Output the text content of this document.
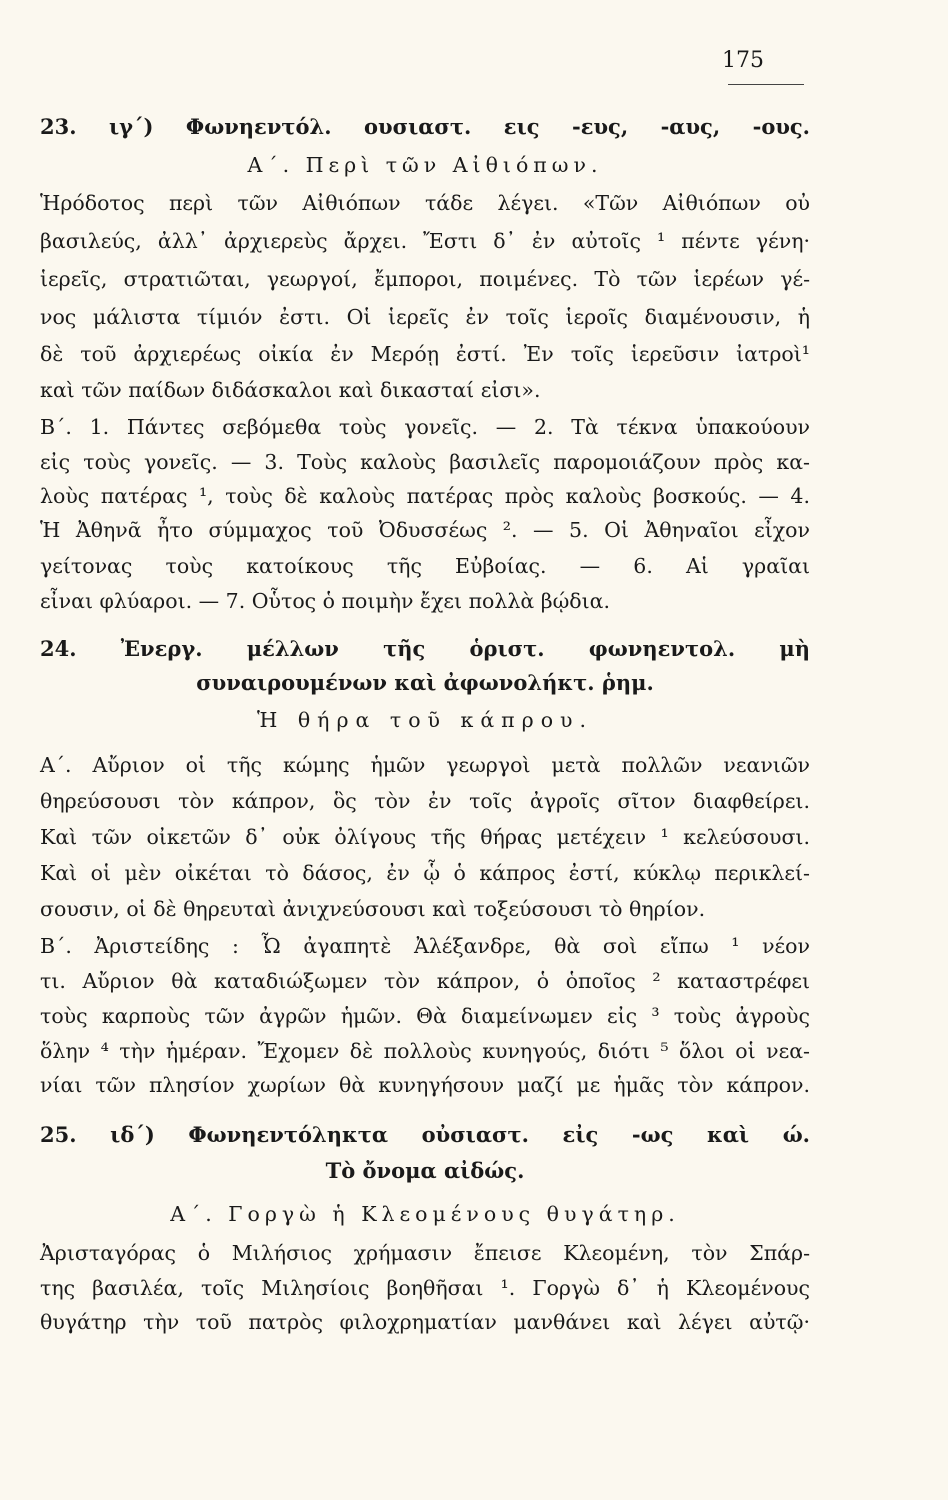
175
23. ιγ΄) Φωνηεντόλ. ουσιαστ. εις -ευς, -αυς, -ους.
Α΄. Περὶ τῶν Αἰθιόπων.
Ἡρόδοτος περὶ τῶν Αἰθιόπων τάδε λέγει. «Τῶν Αἰθιόπων οὐ
βασιλεύς, ἀλλ᾽ ἀρχιερεὺς ἄρχει. Ἔστι δ᾽ ἐν αὐτοῖς ¹ πέντε γένη·
ἱερεῖς, στρατιῶται, γεωργοί, ἔμποροι, ποιμένες. Τὸ τῶν ἱερέων γέ-
νος μάλιστα τίμιόν ἐστι. Οἱ ἱερεῖς ἐν τοῖς ἱεροῖς διαμένουσιν, ἡ
δὲ τοῦ ἀρχιερέως οἰκία ἐν Μερόῃ ἐστί. Ἐν τοῖς ἱερεῦσιν ἰατροὶ¹
καὶ τῶν παίδων διδάσκαλοι καὶ δικασταί εἰσι».
Β΄. 1. Πάντες σεβόμεθα τοὺς γονεῖς. — 2. Τὰ τέκνα ὑπακούουν
εἰς τοὺς γονεῖς. — 3. Τοὺς καλοὺς βασιλεῖς παρομοιάζουν πρὸς κα-
λοὺς πατέρας ¹, τοὺς δὲ καλοὺς πατέρας πρὸς καλοὺς βοσκούς. — 4.
Ἡ Ἀθηνᾶ ἦτο σύμμαχος τοῦ Ὀδυσσέως ². — 5. Οἱ Ἀθηναῖοι εἶχον
γείτονας τοὺς κατοίκους τῆς Εὐβοίας. — 6. Αἱ γραῖαι
εἶναι φλύαροι. — 7. Οὗτος ὁ ποιμὴν ἔχει πολλὰ βῴδια.
24. Ἐνεργ. μέλλων τῆς ὁριστ. φωνηεντολ. μὴ
συναιρουμένων καὶ ἀφωνολήκτ. ῥημ.
Ἡ θήρα τοῦ κάπρου.
Α΄. Αὔριον οἱ τῆς κώμης ἡμῶν γεωργοὶ μετὰ πολλῶν νεανιῶν
θηρεύσουσι τὸν κάπρον, ὃς τὸν ἐν τοῖς ἀγροῖς σῖτον διαφθείρει.
Καὶ τῶν οἰκετῶν δ᾽ οὐκ ὀλίγους τῆς θήρας μετέχειν ¹ κελεύσουσι.
Καὶ οἱ μὲν οἰκέται τὸ δάσος, ἐν ᾧ ὁ κάπρος ἐστί, κύκλῳ περικλεί-
σουσιν, οἱ δὲ θηρευταὶ ἀνιχνεύσουσι καὶ τοξεύσουσι τὸ θηρίον.
Β΄. Ἀριστείδης : Ὦ ἀγαπητὲ Ἀλέξανδρε, θὰ σοὶ εἴπω ¹ νέον
τι. Αὔριον θὰ καταδιώξωμεν τὸν κάπρον, ὁ ὁποῖος ² καταστρέφει
τοὺς καρποὺς τῶν ἀγρῶν ἡμῶν. Θὰ διαμείνωμεν εἰς ³ τοὺς ἀγροὺς
ὅλην ⁴ τὴν ἡμέραν. Ἔχομεν δὲ πολλοὺς κυνηγούς, διότι ⁵ ὅλοι οἱ νεα-
νίαι τῶν πλησίον χωρίων θὰ κυνηγήσουν μαζί με ἡμᾶς τὸν κάπρον.
25. ιδ΄) Φωνηεντόληκτα οὐσιαστ. εἰς -ως καὶ ώ.
Τὸ ὄνομα αἰδώς.
Α΄. Γοργὼ ἡ Κλεομένους θυγάτηρ.
Ἀρισταγόρας ὁ Μιλήσιος χρήμασιν ἔπεισε Κλεομένη, τὸν Σπάρ-
της βασιλέα, τοῖς Μιλησίοις βοηθῆσαι ¹. Γοργὼ δ᾽ ἡ Κλεομένους
θυγάτηρ τὴν τοῦ πατρὸς φιλοχρηματίαν μανθάνει καὶ λέγει αὐτῷ·
